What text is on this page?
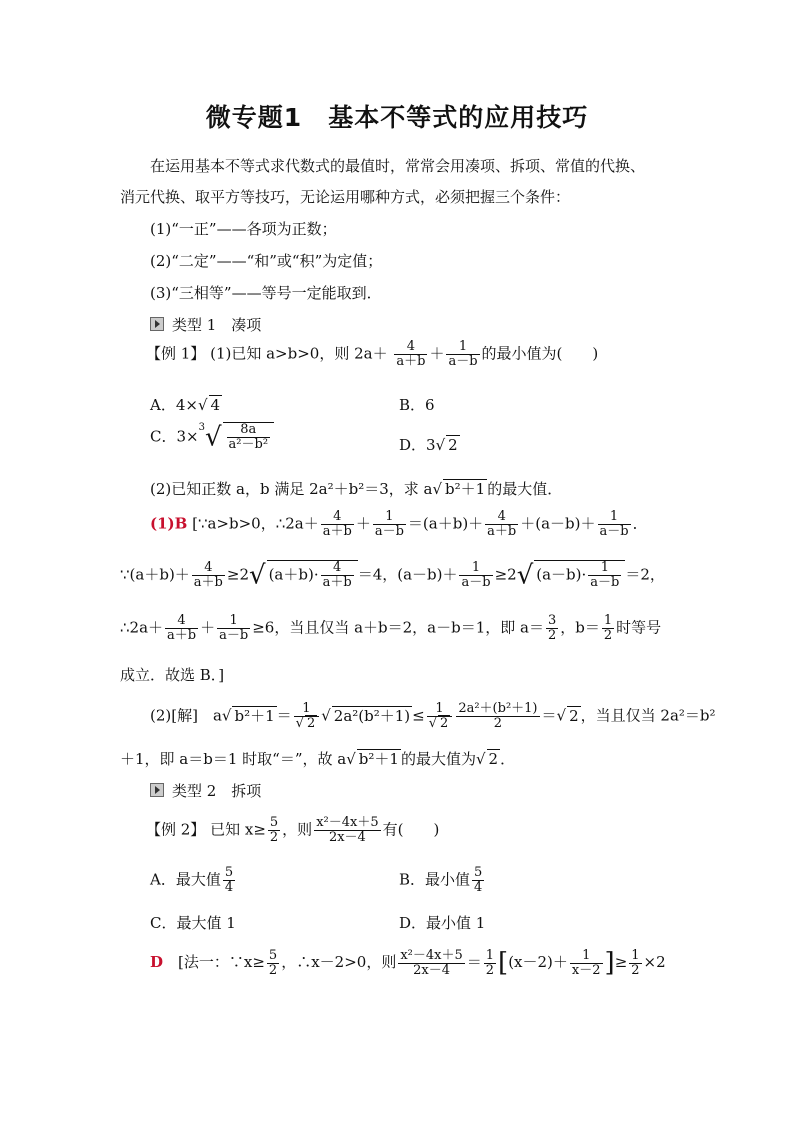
微专题1　基本不等式的应用技巧
在运用基本不等式求代数式的最值时，常常会用凑项、拆项、常值的代换、
消元代换、取平方等技巧，无论运用哪种方式，必须把握三个条件：
(1)“一正”——各项为正数；
(2)“二定”——“和”或“积”为定值；
(3)“三相等”——等号一定能取到．
类型 1　凑项
【例 1】 (1)已知 a>b>0，则 $2a+ \frac{4}{a+b} + \frac{1}{a-b}$ 的最小值为(　　)
A．4×√ 4	B．6
C．$3\times^3√ \frac{8a}{\text{a²－b²}}$	D．3√ 2
(2)已知正数 a，b 满足 2a²＋b²＝3，求 a√ b²＋1 的最大值．
(1)B [∵a>b>0，∴2a＋ $\frac{4}{a+b} + \frac{1}{a-b} =(a+b)+ \frac{4}{a+b} +(a-b)+ \frac{1}{a-b}$ ．
∵(a＋b)＋ $\frac{4}{a+b} \ge 2√$ $(a+b)\cdot \frac{4}{a+b} =4$，$(a-b)+ \frac{1}{a-b} \ge 2√$ $(a-b)\cdot \frac{1}{a-b} =2$，
∴2a＋ $\frac{4}{a+b} + \frac{1}{a-b} \ge 6$，当且仅当 a＋b＝2，a－b＝1，即 $a= \frac{3}{2}$ ，$b= \frac{1}{2}$ 时等号
成立．故选 B．]
(2)[解]　a√ $b^2+1 = \frac{1}{√ 2}$ √ $2a^2(b^2+1) \le \frac{1}{√ 2} \frac{\text{2a²＋(b²＋1)}}{2}$ ＝√ 2 ，当且仅当 2a²＝b²
＋1，即 a＝b＝1 时取“＝”，故 a√ b²＋1 的最大值为√ 2 ．
类型 2　拆项
【例 2】 已知 $x\ge \frac{5}{2}$ ，则 $\frac{\text{x²－4x＋5}}{2x-4}$ 有(　　)
A．最大值 $\frac{5}{4}$	B．最小值 $\frac{5}{4}$
C．最大值 1	D．最小值 1
D　 [法一：∵x≥ $\frac{5}{2}$ ，∴x－2>0，则 $\frac{\text{x²－4x＋5}}{2x-4} = \frac{1}{2} [(x-2)+ \frac{1}{x-2}$ ]≥ $\frac{1}{2} \times 2$
